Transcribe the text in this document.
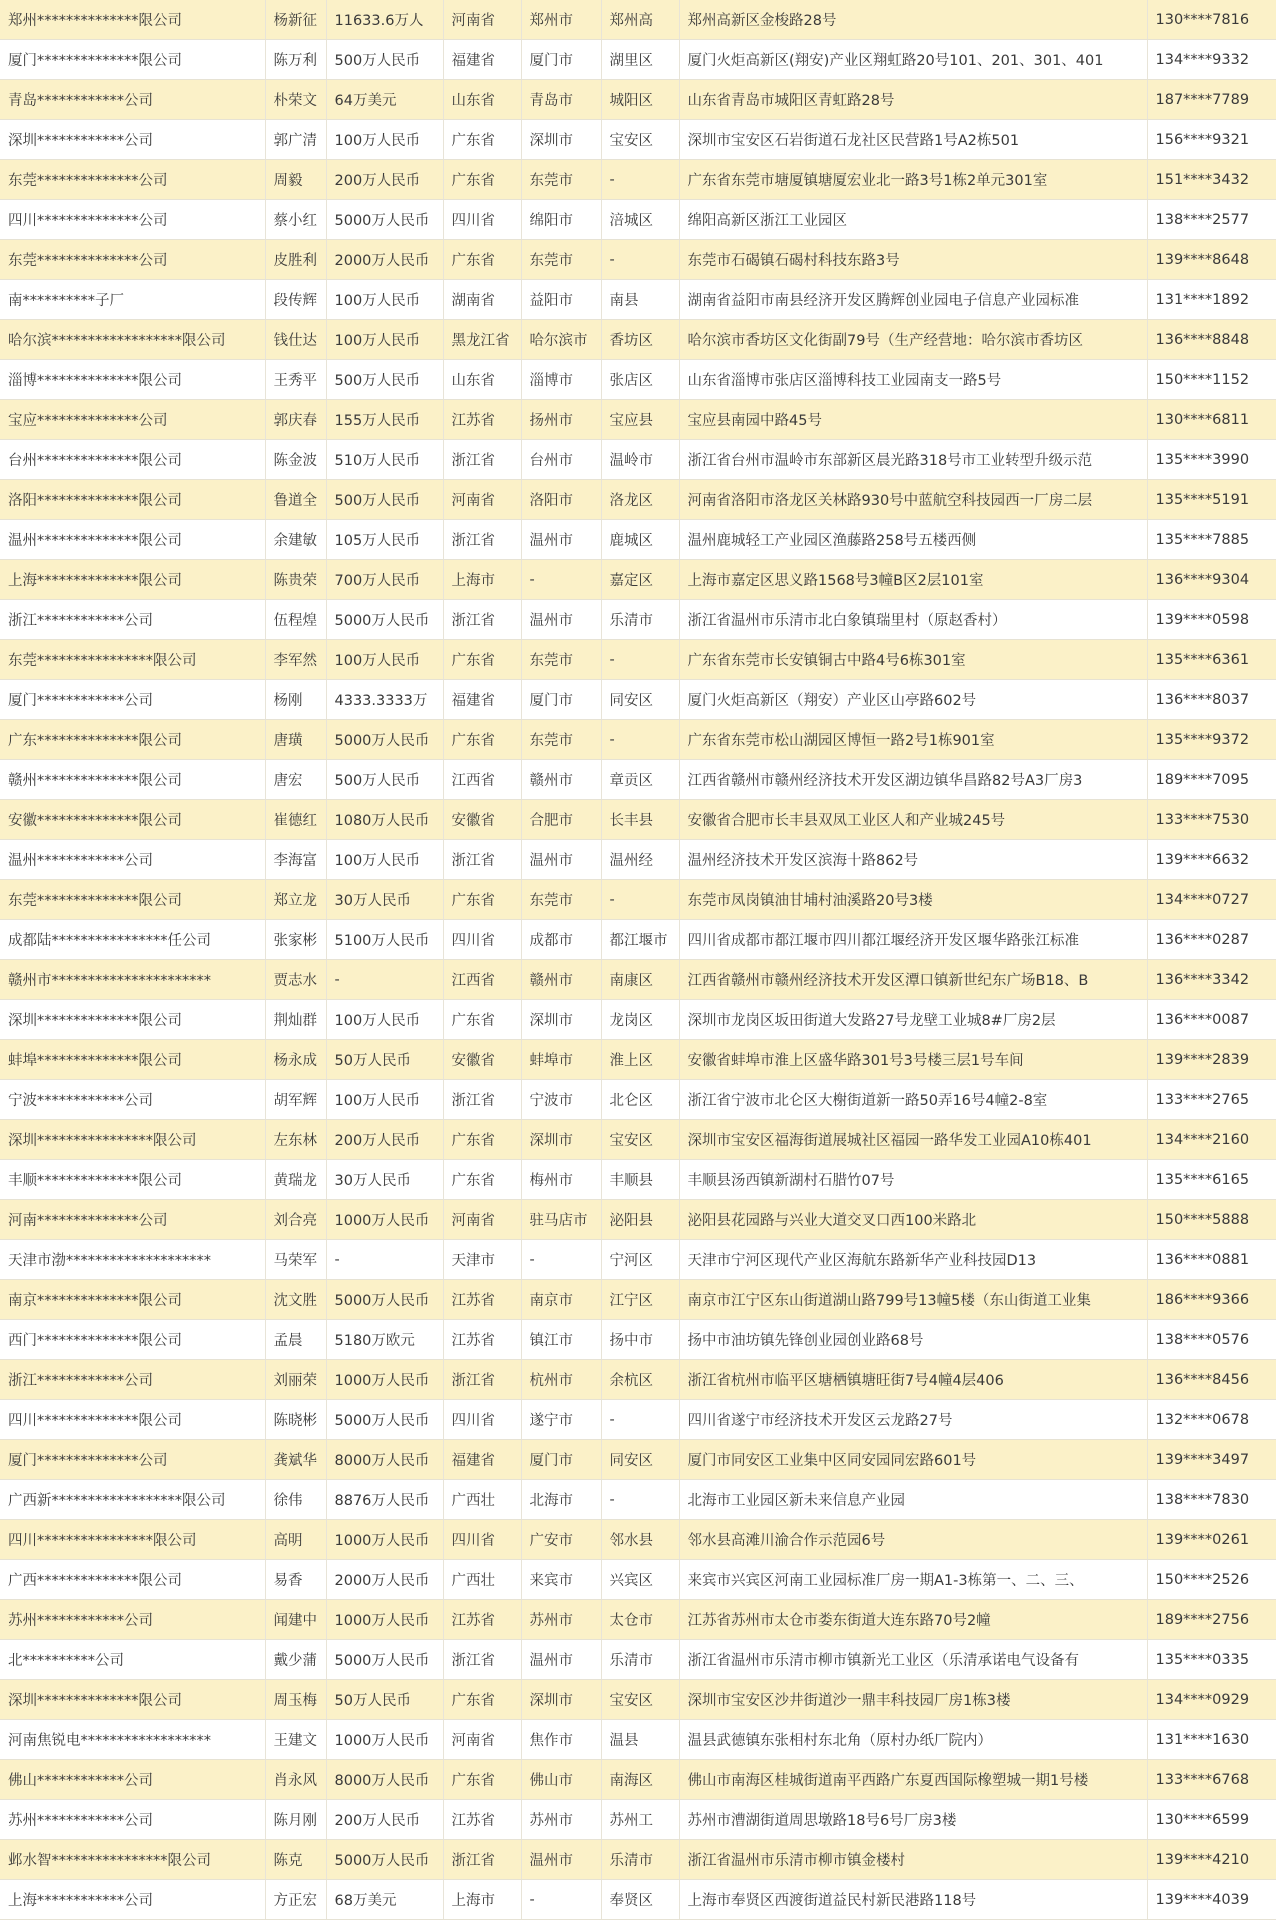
郑州**************限公司	杨新征	11633.6万人	河南省	郑州市	郑州高	郑州高新区金梭路28号	130****7816
厦门**************限公司	陈万利	500万人民币	福建省	厦门市	湖里区	厦门火炬高新区(翔安)产业区翔虹路20号101、201、301、401	134****9332
青岛************公司	朴荣文	64万美元	山东省	青岛市	城阳区	山东省青岛市城阳区青虹路28号	187****7789
深圳************公司	郭广清	100万人民币	广东省	深圳市	宝安区	深圳市宝安区石岩街道石龙社区民营路1号A2栋501	156****9321
东莞**************公司	周毅	200万人民币	广东省	东莞市	-	广东省东莞市塘厦镇塘厦宏业北一路3号1栋2单元301室	151****3432
四川**************公司	蔡小红	5000万人民币	四川省	绵阳市	涪城区	绵阳高新区浙江工业园区	138****2577
东莞**************公司	皮胜利	2000万人民币	广东省	东莞市	-	东莞市石碣镇石碣村科技东路3号	139****8648
南**********子厂	段传辉	100万人民币	湖南省	益阳市	南县	湖南省益阳市南县经济开发区腾辉创业园电子信息产业园标准	131****1892
哈尔滨******************限公司	钱仕达	100万人民币	黑龙江省	哈尔滨市	香坊区	哈尔滨市香坊区文化街副79号（生产经营地：哈尔滨市香坊区	136****8848
淄博**************限公司	王秀平	500万人民币	山东省	淄博市	张店区	山东省淄博市张店区淄博科技工业园南支一路5号	150****1152
宝应**************公司	郭庆春	155万人民币	江苏省	扬州市	宝应县	宝应县南园中路45号	130****6811
台州**************限公司	陈金波	510万人民币	浙江省	台州市	温岭市	浙江省台州市温岭市东部新区晨光路318号市工业转型升级示范	135****3990
洛阳**************限公司	鲁道全	500万人民币	河南省	洛阳市	洛龙区	河南省洛阳市洛龙区关林路930号中蓝航空科技园西一厂房二层	135****5191
温州**************限公司	余建敏	105万人民币	浙江省	温州市	鹿城区	温州鹿城轻工产业园区渔藤路258号五楼西侧	135****7885
上海**************限公司	陈贵荣	700万人民币	上海市	-	嘉定区	上海市嘉定区思义路1568号3幢B区2层101室	136****9304
浙江************公司	伍程煌	5000万人民币	浙江省	温州市	乐清市	浙江省温州市乐清市北白象镇瑞里村（原赵香村）	139****0598
东莞****************限公司	李军然	100万人民币	广东省	东莞市	-	广东省东莞市长安镇铜古中路4号6栋301室	135****6361
厦门************公司	杨刚	4333.3333万	福建省	厦门市	同安区	厦门火炬高新区（翔安）产业区山亭路602号	136****8037
广东**************限公司	唐璜	5000万人民币	广东省	东莞市	-	广东省东莞市松山湖园区博恒一路2号1栋901室	135****9372
赣州**************限公司	唐宏	500万人民币	江西省	赣州市	章贡区	江西省赣州市赣州经济技术开发区湖边镇华昌路82号A3厂房3	189****7095
安徽**************限公司	崔德红	1080万人民币	安徽省	合肥市	长丰县	安徽省合肥市长丰县双凤工业区人和产业城245号	133****7530
温州************公司	李海富	100万人民币	浙江省	温州市	温州经	温州经济技术开发区滨海十路862号	139****6632
东莞**************限公司	郑立龙	30万人民币	广东省	东莞市	-	东莞市凤岗镇油甘埔村油溪路20号3楼	134****0727
成都陆****************任公司	张家彬	5100万人民币	四川省	成都市	都江堰市	四川省成都市都江堰市四川都江堰经济开发区堰华路张江标准	136****0287
赣州市**********************	贾志水	-	江西省	赣州市	南康区	江西省赣州市赣州经济技术开发区潭口镇新世纪东广场B18、B	136****3342
深圳**************限公司	荆灿群	100万人民币	广东省	深圳市	龙岗区	深圳市龙岗区坂田街道大发路27号龙壁工业城8#厂房2层	136****0087
蚌埠**************限公司	杨永成	50万人民币	安徽省	蚌埠市	淮上区	安徽省蚌埠市淮上区盛华路301号3号楼三层1号车间	139****2839
宁波************公司	胡军辉	100万人民币	浙江省	宁波市	北仑区	浙江省宁波市北仑区大榭街道新一路50弄16号4幢2-8室	133****2765
深圳****************限公司	左东林	200万人民币	广东省	深圳市	宝安区	深圳市宝安区福海街道展城社区福园一路华发工业园A10栋401	134****2160
丰顺**************限公司	黄瑞龙	30万人民币	广东省	梅州市	丰顺县	丰顺县汤西镇新湖村石腊竹07号	135****6165
河南**************公司	刘合亮	1000万人民币	河南省	驻马店市	泌阳县	泌阳县花园路与兴业大道交叉口西100米路北	150****5888
天津市渤********************	马荣军	-	天津市	-	宁河区	天津市宁河区现代产业区海航东路新华产业科技园D13	136****0881
南京**************限公司	沈文胜	5000万人民币	江苏省	南京市	江宁区	南京市江宁区东山街道湖山路799号13幢5楼（东山街道工业集	186****9366
西门**************限公司	孟晨	5180万欧元	江苏省	镇江市	扬中市	扬中市油坊镇先锋创业园创业路68号	138****0576
浙江************公司	刘丽荣	1000万人民币	浙江省	杭州市	余杭区	浙江省杭州市临平区塘栖镇塘旺街7号4幢4层406	136****8456
四川**************限公司	陈晓彬	5000万人民币	四川省	遂宁市	-	四川省遂宁市经济技术开发区云龙路27号	132****0678
厦门**************公司	龚斌华	8000万人民币	福建省	厦门市	同安区	厦门市同安区工业集中区同安园同宏路601号	139****3497
广西新******************限公司	徐伟	8876万人民币	广西壮	北海市	-	北海市工业园区新未来信息产业园	138****7830
四川****************限公司	高明	1000万人民币	四川省	广安市	邻水县	邻水县高滩川渝合作示范园6号	139****0261
广西**************限公司	易香	2000万人民币	广西壮	来宾市	兴宾区	来宾市兴宾区河南工业园标准厂房一期A1-3栋第一、二、三、	150****2526
苏州************公司	闻建中	1000万人民币	江苏省	苏州市	太仓市	江苏省苏州市太仓市娄东街道大连东路70号2幢	189****2756
北**********公司	戴少蒲	5000万人民币	浙江省	温州市	乐清市	浙江省温州市乐清市柳市镇新光工业区（乐清承诺电气设备有	135****0335
深圳**************限公司	周玉梅	50万人民币	广东省	深圳市	宝安区	深圳市宝安区沙井街道沙一鼎丰科技园厂房1栋3楼	134****0929
河南焦锐电******************	王建文	1000万人民币	河南省	焦作市	温县	温县武德镇东张相村东北角（原村办纸厂院内）	131****1630
佛山************公司	肖永风	8000万人民币	广东省	佛山市	南海区	佛山市南海区桂城街道南平西路广东夏西国际橡塑城一期1号楼	133****6768
苏州************公司	陈月刚	200万人民币	江苏省	苏州市	苏州工	苏州市漕湖街道周思墩路18号6号厂房3楼	130****6599
邺水智****************限公司	陈克	5000万人民币	浙江省	温州市	乐清市	浙江省温州市乐清市柳市镇金楼村	139****4210
上海************公司	方正宏	68万美元	上海市	-	奉贤区	上海市奉贤区西渡街道益民村新民港路118号	139****4039
